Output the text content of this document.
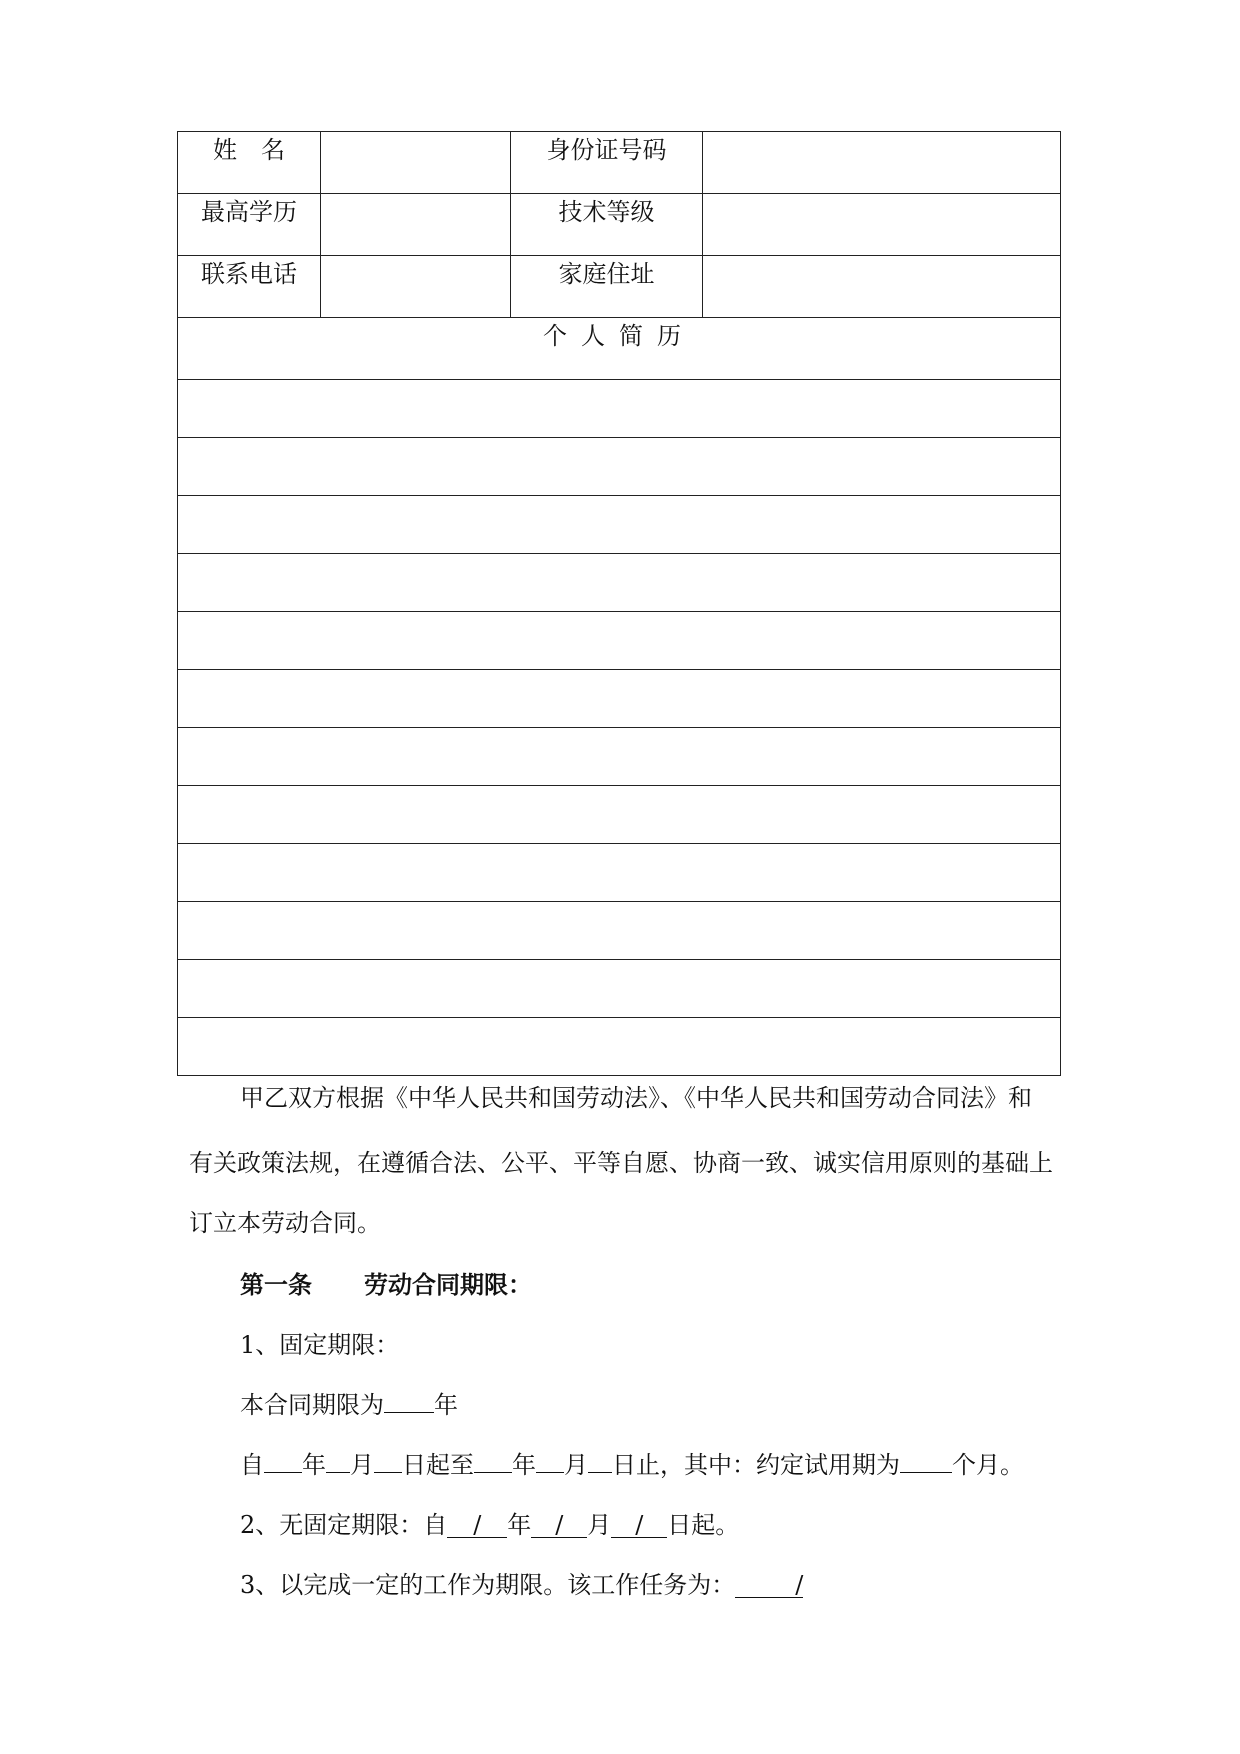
姓　名		身份证号码	
最高学历		技术等级	
联系电话		家庭住址	
个人简历			

甲乙双方根据《中华人民共和国劳动法》、《中华人民共和国劳动合同法》和
有关政策法规，在遵循合法、公平、平等自愿、协商一致、诚实信用原则的基础上
订立本劳动合同。
第一条 劳动合同期限：
1、固定期限：
本合同期限为 年
自 年 月 日起至 年 月 日止，其中：约定试用期为 个月。
2、无固定期限：自 / 年 / 月 / 日起。
3、以完成一定的工作为期限。该工作任务为： /
